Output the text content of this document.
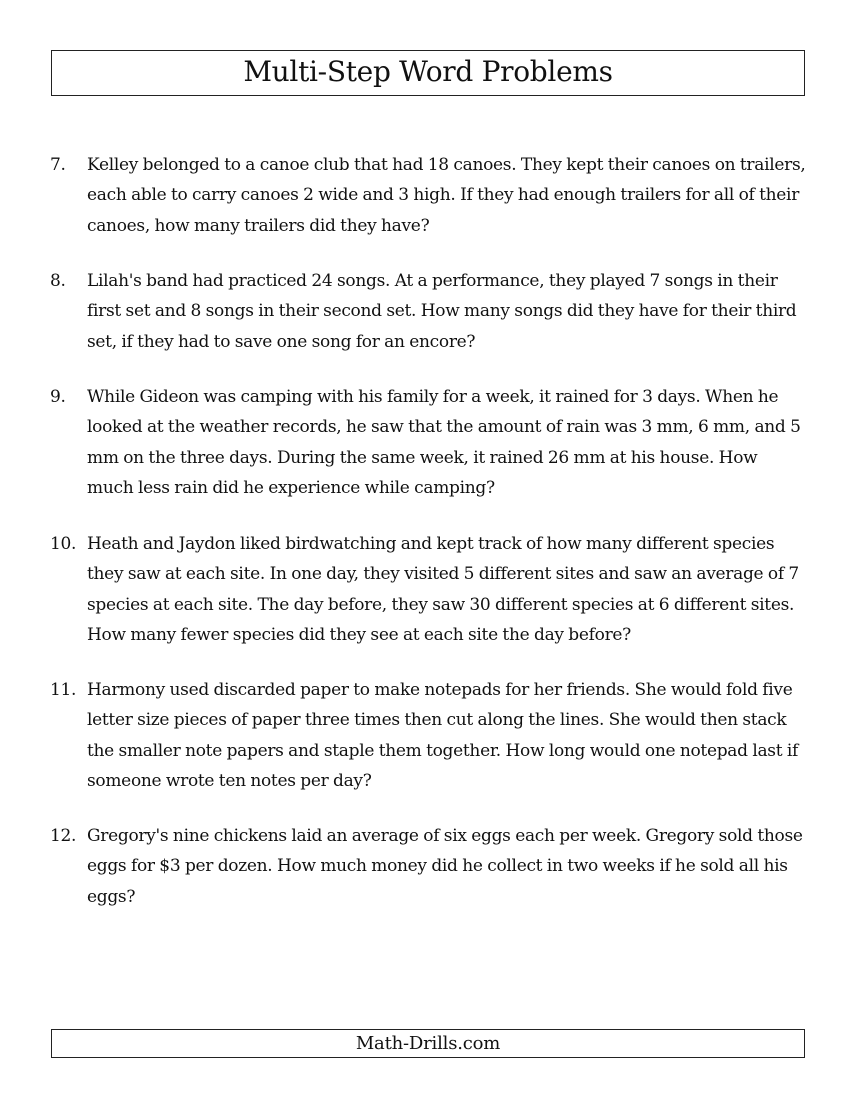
Multi-Step Word Problems
7.	Kelley belonged to a canoe club that had 18 canoes. They kept their canoes on trailers, each able to carry canoes 2 wide and 3 high. If they had enough trailers for all of their canoes, how many trailers did they have?
8.	Lilah's band had practiced 24 songs. At a performance, they played 7 songs in their first set and 8 songs in their second set. How many songs did they have for their third set, if they had to save one song for an encore?
9.	While Gideon was camping with his family for a week, it rained for 3 days. When he looked at the weather records, he saw that the amount of rain was 3 mm, 6 mm, and 5 mm on the three days. During the same week, it rained 26 mm at his house. How much less rain did he experience while camping?
10. Heath and Jaydon liked birdwatching and kept track of how many different species they saw at each site. In one day, they visited 5 different sites and saw an average of 7 species at each site. The day before, they saw 30 different species at 6 different sites. How many fewer species did they see at each site the day before?
11. Harmony used discarded paper to make notepads for her friends. She would fold five letter size pieces of paper three times then cut along the lines. She would then stack the smaller note papers and staple them together. How long would one notepad last if someone wrote ten notes per day?
12. Gregory's nine chickens laid an average of six eggs each per week. Gregory sold those eggs for $3 per dozen. How much money did he collect in two weeks if he sold all his eggs?
Math-Drills.com
